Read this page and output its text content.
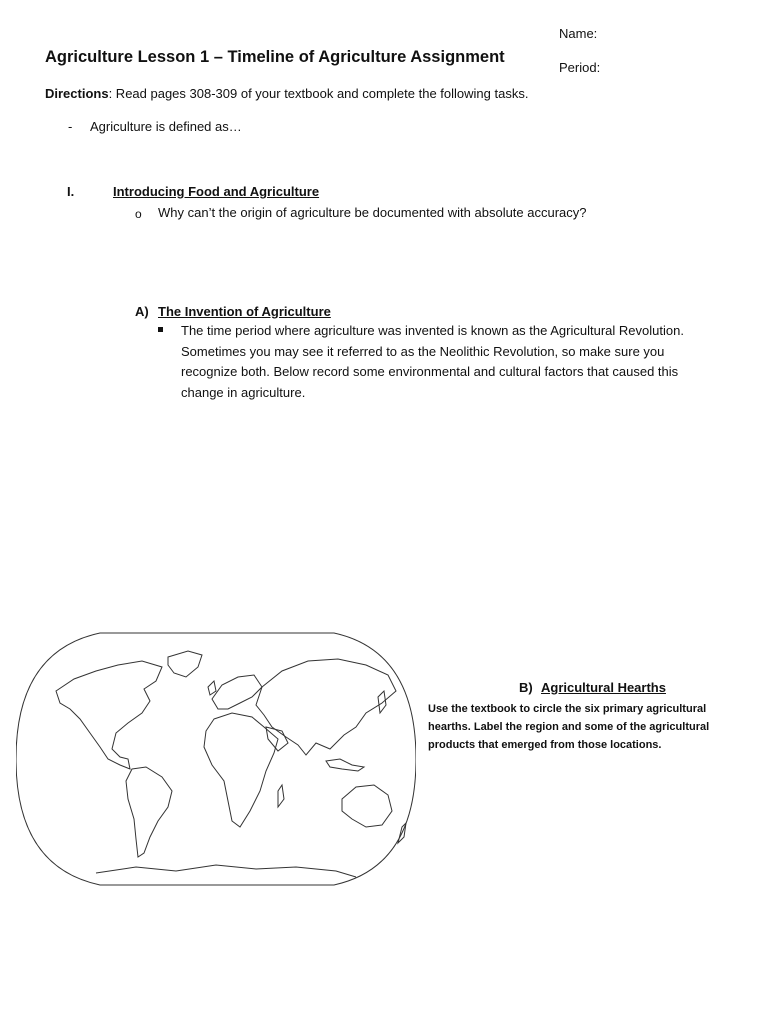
Agriculture Lesson 1 – Timeline of Agriculture Assignment
Name:
Period:
Directions: Read pages 308-309 of your textbook and complete the following tasks.
- Agriculture is defined as…
I.	Introducing Food and Agriculture
o Why can’t the origin of agriculture be documented with absolute accuracy?
A) The Invention of Agriculture
The time period where agriculture was invented is known as the Agricultural Revolution. Sometimes you may see it referred to as the Neolithic Revolution, so make sure you recognize both. Below record some environmental and cultural factors that caused this change in agriculture.
B) Agricultural Hearths
Use the textbook to circle the six primary agricultural hearths. Label the region and some of the agricultural products that emerged from those locations.
